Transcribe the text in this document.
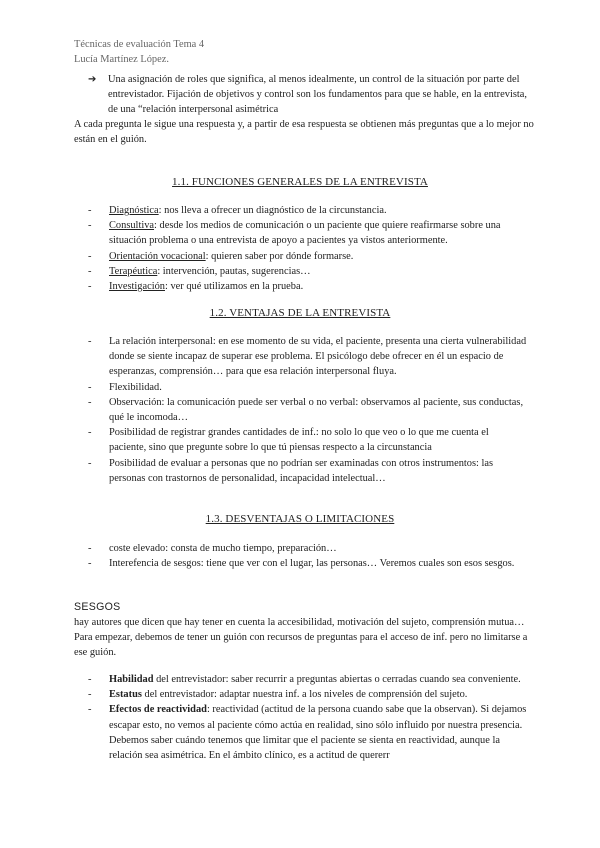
Técnicas de evaluación Tema 4
Lucía Martínez López.
➔ Una asignación de roles que significa, al menos idealmente, un control de la situación por parte del entrevistador. Fijación de objetivos y control son los fundamentos para que se hable, en la entrevista, de una “relación interpersonal asimétrica
A cada pregunta le sigue una respuesta y, a partir de esa respuesta se obtienen más preguntas que a lo mejor no están en el guión.
1.1. FUNCIONES GENERALES DE LA ENTREVISTA
- Diagnóstica: nos lleva a ofrecer un diagnóstico de la circunstancia.
- Consultiva: desde los medios de comunicación o un paciente que quiere reafirmarse sobre una situación problema o una entrevista de apoyo a pacientes ya vistos anteriormente.
- Orientación vocacional: quieren saber por dónde formarse.
- Terapéutica: intervención, pautas, sugerencias…
- Investigación: ver qué utilizamos en la prueba.
1.2. VENTAJAS DE LA ENTREVISTA
- La relación interpersonal: en ese momento de su vida, el paciente, presenta una cierta vulnerabilidad donde se siente incapaz de superar ese problema. El psicólogo debe ofrecer en él un espacio de esperanzas, comprensión… para que esa relación interpersonal fluya.
- Flexibilidad.
- Observación: la comunicación puede ser verbal o no verbal: observamos al paciente, sus conductas, qué le incomoda…
- Posibilidad de registrar grandes cantidades de inf.: no solo lo que veo o lo que me cuenta el paciente, sino que pregunte sobre lo que tú piensas respecto a la circunstancia
- Posibilidad de evaluar a personas que no podrían ser examinadas con otros instrumentos: las personas con trastornos de personalidad, incapacidad intelectual…
1.3. DESVENTAJAS O LIMITACIONES
- coste elevado: consta de mucho tiempo, preparación…
- Interefencia de sesgos: tiene que ver con el lugar, las personas… Veremos cuales son esos sesgos.
SESGOS
hay autores que dicen que hay tener en cuenta la accesibilidad, motivación del sujeto, comprensión mutua… Para empezar, debemos de tener un guión con recursos de preguntas para el acceso de inf. pero no limitarse a ese guión.
- Habilidad del entrevistador: saber recurrir a preguntas abiertas o cerradas cuando sea conveniente.
- Estatus del entrevistador: adaptar nuestra inf. a los niveles de comprensión del sujeto.
- Efectos de reactividad: reactividad (actitud de la persona cuando sabe que la observan). Si dejamos escapar esto, no vemos al paciente cómo actúa en realidad, sino sólo influido por nuestra presencia. Debemos saber cuándo tenemos que limitar que el paciente se sienta en reactividad, aunque la relación sea asimétrica. En el ámbito clínico, es a actitud de quererr
